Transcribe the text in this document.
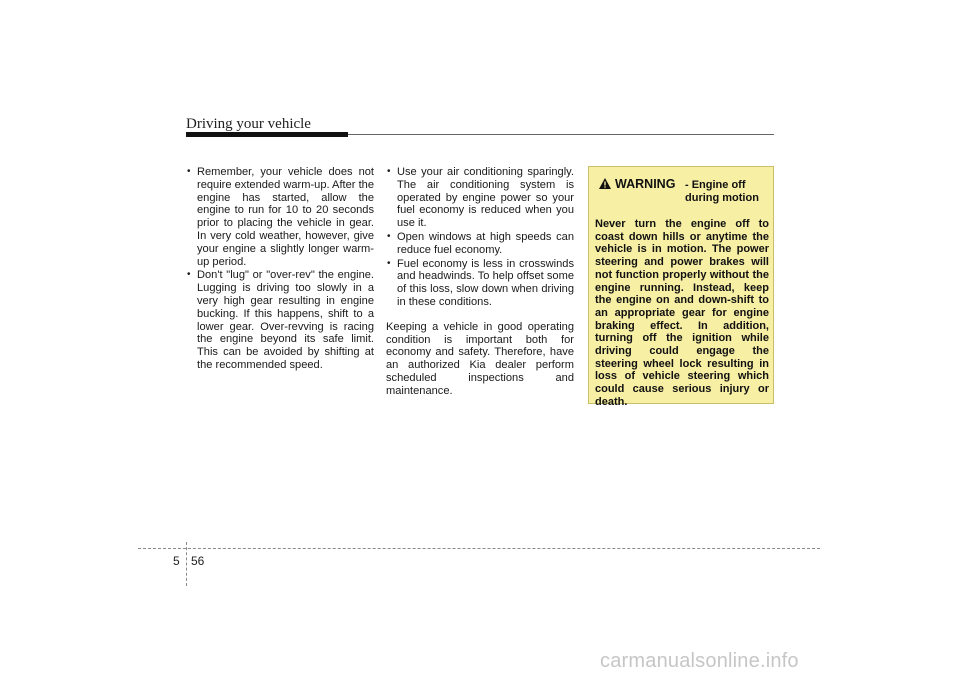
Driving your vehicle
• Remember, your vehicle does not require extended warm-up. After the engine has started, allow the engine to run for 10 to 20 seconds prior to placing the vehicle in gear. In very cold weather, however, give your engine a slightly longer warm-up period.
• Don't "lug" or "over-rev" the engine. Lugging is driving too slowly in a very high gear resulting in engine bucking. If this happens, shift to a lower gear. Over-revving is racing the engine beyond its safe limit. This can be avoided by shifting at the recommended speed.
• Use your air conditioning sparingly. The air conditioning system is operated by engine power so your fuel economy is reduced when you use it.
• Open windows at high speeds can reduce fuel economy.
• Fuel economy is less in crosswinds and headwinds. To help offset some of this loss, slow down when driving in these conditions.

Keeping a vehicle in good operating condition is important both for economy and safety. Therefore, have an authorized Kia dealer perform scheduled inspections and maintenance.

WARNING - Engine off during motion
Never turn the engine off to coast down hills or anytime the vehicle is in motion. The power steering and power brakes will not function properly without the engine running. Instead, keep the engine on and down-shift to an appropriate gear for engine braking effect. In addition, turning off the ignition while driving could engage the steering wheel lock resulting in loss of vehicle steering which could cause serious injury or death.
5 56
carmanualsonline.info
